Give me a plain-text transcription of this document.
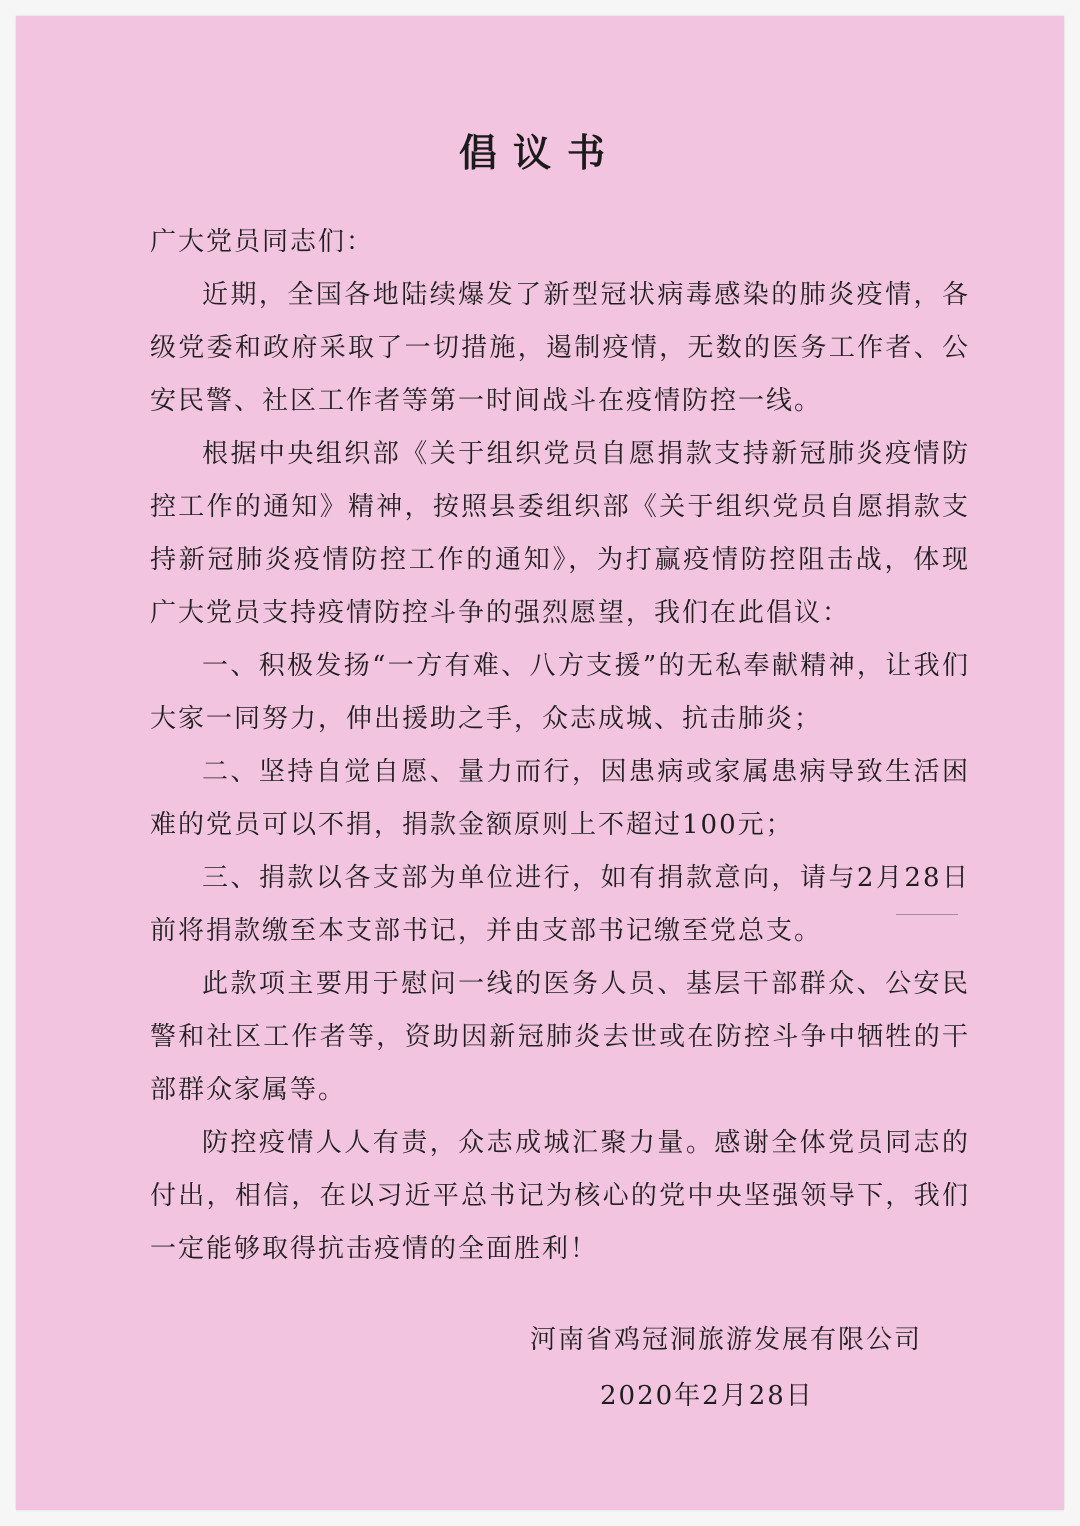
倡议书

广大党员同志们：

近期，全国各地陆续爆发了新型冠状病毒感染的肺炎疫情，各级党委和政府采取了一切措施，遏制疫情，无数的医务工作者、公安民警、社区工作者等第一时间战斗在疫情防控一线。

根据中央组织部《关于组织党员自愿捐款支持新冠肺炎疫情防控工作的通知》精神，按照县委组织部《关于组织党员自愿捐款支持新冠肺炎疫情防控工作的通知》，为打赢疫情防控阻击战，体现广大党员支持疫情防控斗争的强烈愿望，我们在此倡议：

一、积极发扬“一方有难、八方支援”的无私奉献精神，让我们大家一同努力，伸出援助之手，众志成城、抗击肺炎；

二、坚持自觉自愿、量力而行，因患病或家属患病导致生活困难的党员可以不捐，捐款金额原则上不超过100元；

三、捐款以各支部为单位进行，如有捐款意向，请与2月28日前将捐款缴至本支部书记，并由支部书记缴至党总支。

此款项主要用于慰问一线的医务人员、基层干部群众、公安民警和社区工作者等，资助因新冠肺炎去世或在防控斗争中牺牲的干部群众家属等。

防控疫情人人有责，众志成城汇聚力量。感谢全体党员同志的付出，相信，在以习近平总书记为核心的党中央坚强领导下，我们一定能够取得抗击疫情的全面胜利！

河南省鸡冠洞旅游发展有限公司
2020年2月28日
